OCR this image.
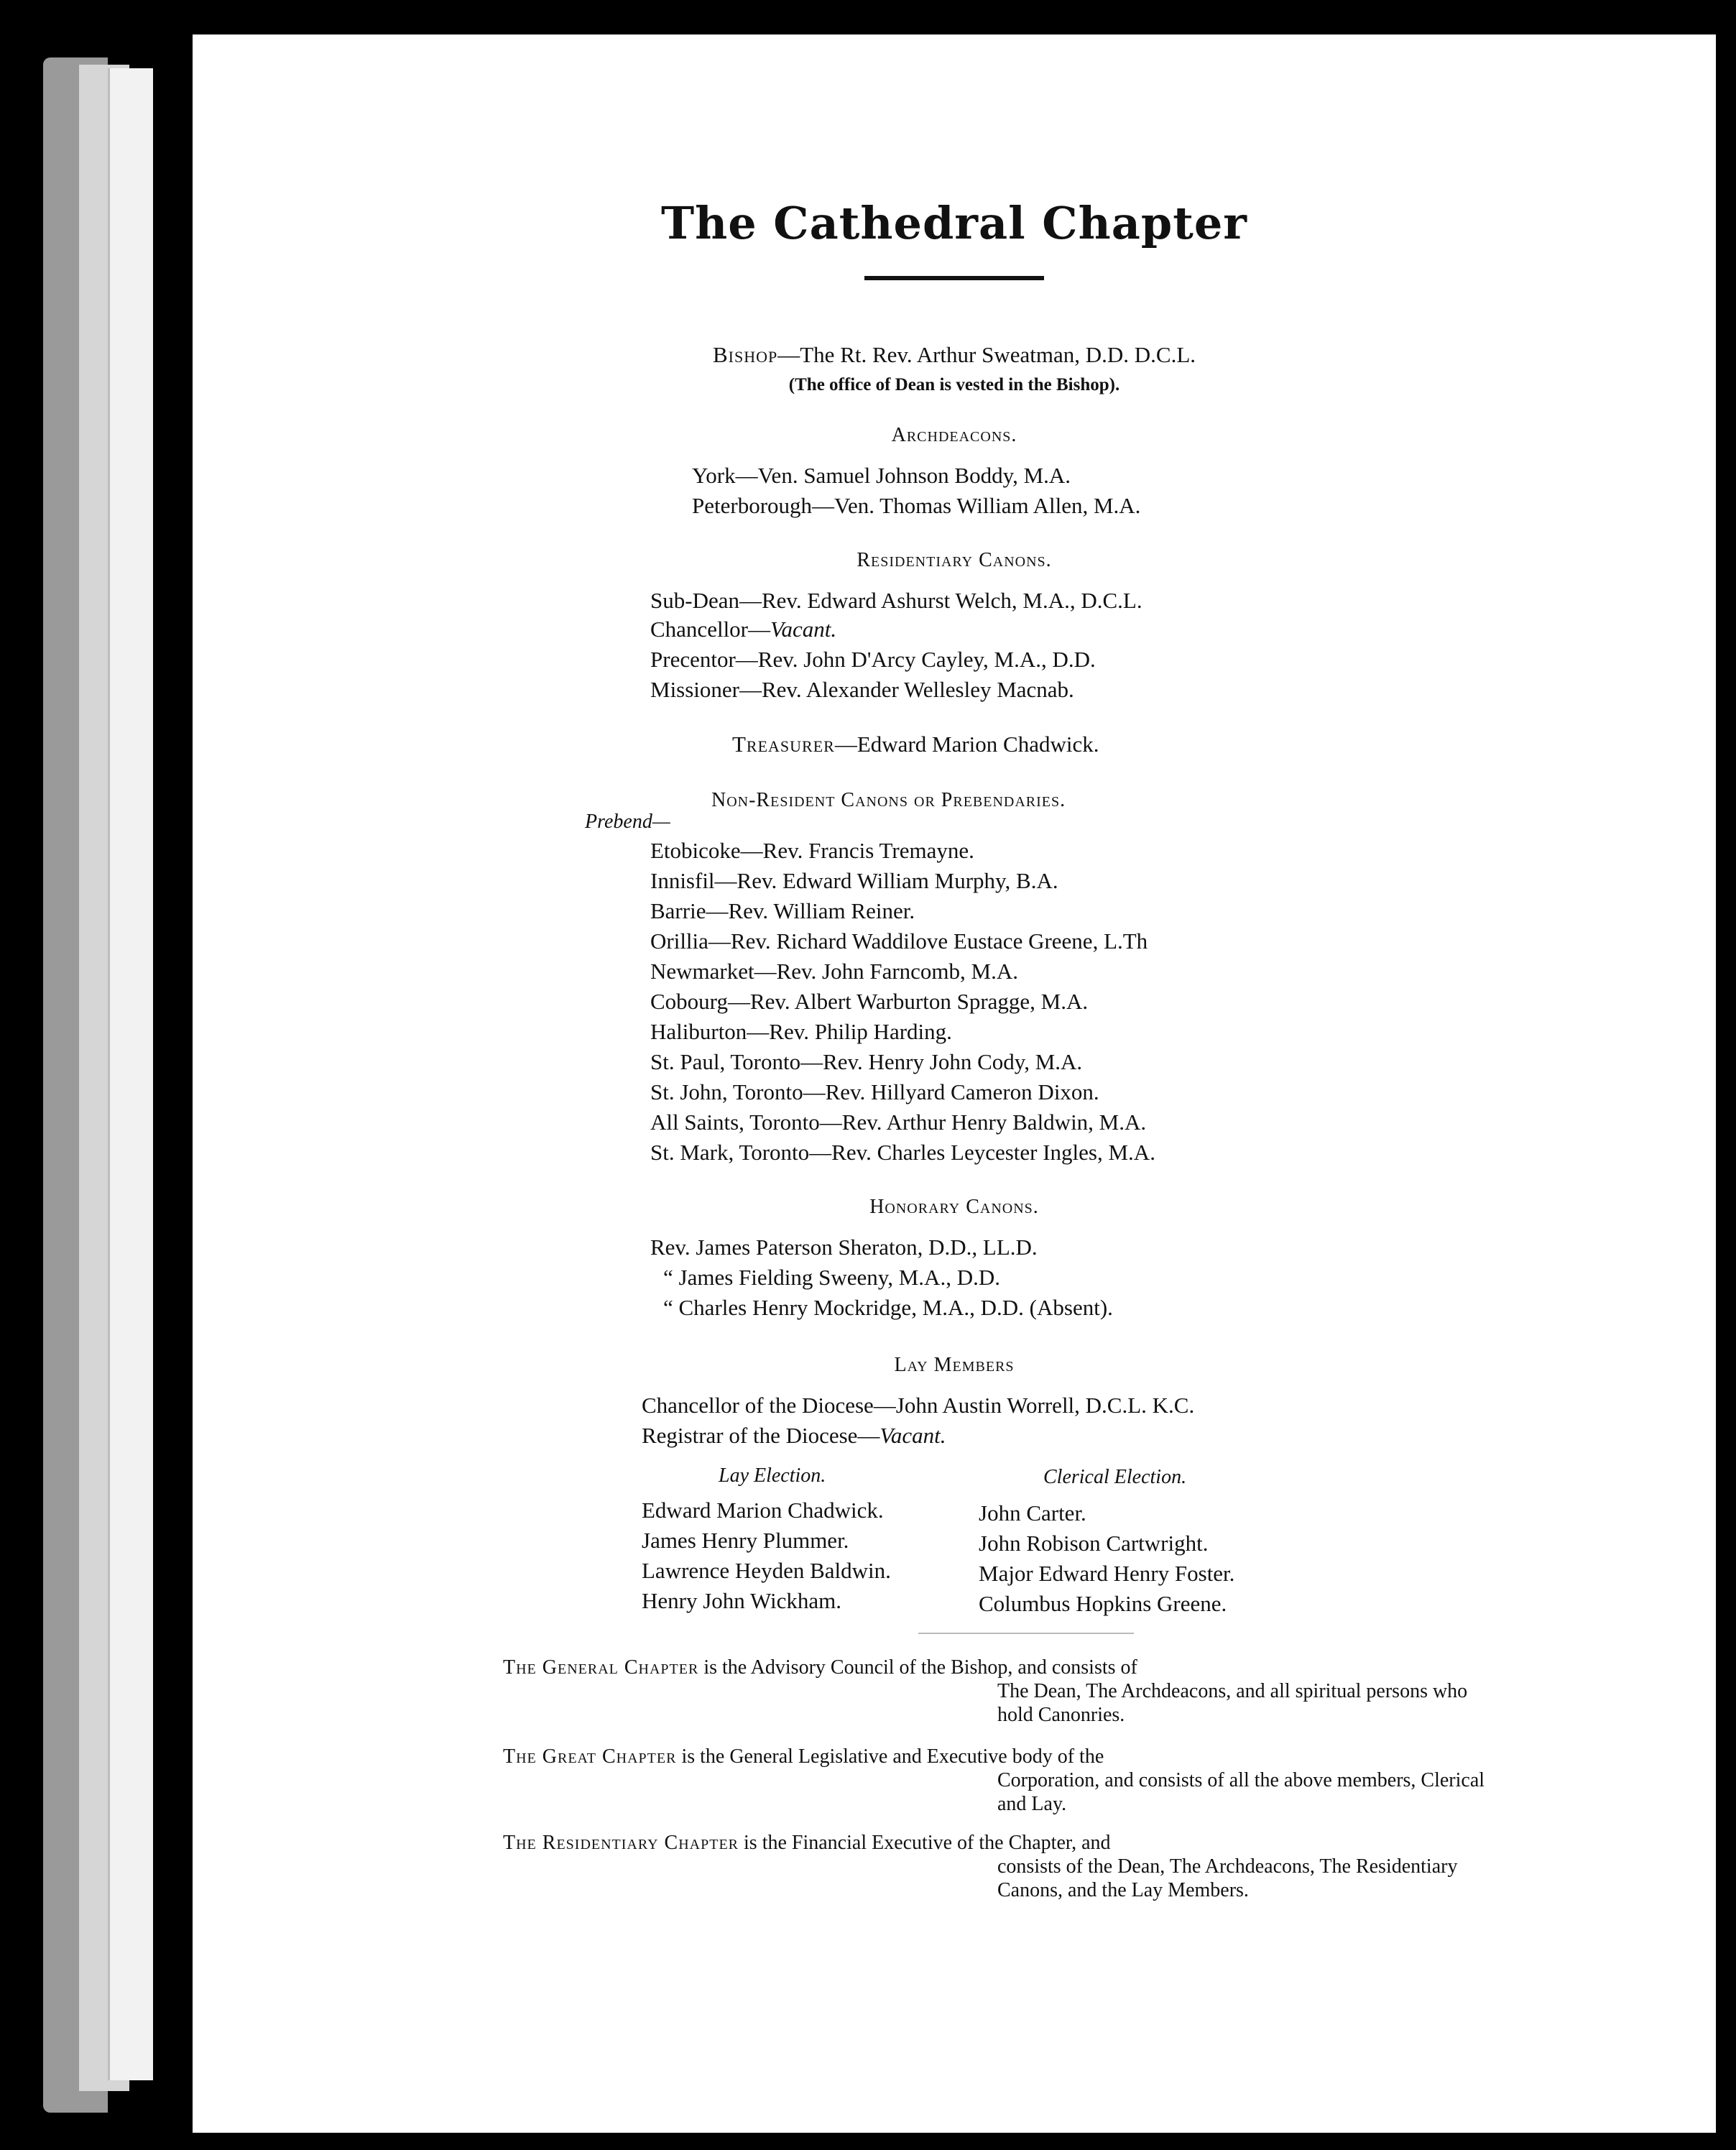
The Cathedral Chapter
Bishop—The Rt. Rev. Arthur Sweatman, D.D. D.C.L.
(The office of Dean is vested in the Bishop).
Archdeacons.
York—Ven. Samuel Johnson Boddy, M.A.
Peterborough—Ven. Thomas William Allen, M.A.
Residentiary Canons.
Sub-Dean—Rev. Edward Ashurst Welch, M.A., D.C.L.
Chancellor—Vacant.
Precentor—Rev. John D'Arcy Cayley, M.A., D.D.
Missioner—Rev. Alexander Wellesley Macnab.
Treasurer—Edward Marion Chadwick.
Non-Resident Canons or Prebendaries.
Prebend—
Etobicoke—Rev. Francis Tremayne.
Innisfil—Rev. Edward William Murphy, B.A.
Barrie—Rev. William Reiner.
Orillia—Rev. Richard Waddilove Eustace Greene, L.Th
Newmarket—Rev. John Farncomb, M.A.
Cobourg—Rev. Albert Warburton Spragge, M.A.
Haliburton—Rev. Philip Harding.
St. Paul, Toronto—Rev. Henry John Cody, M.A.
St. John, Toronto—Rev. Hillyard Cameron Dixon.
All Saints, Toronto—Rev. Arthur Henry Baldwin, M.A.
St. Mark, Toronto—Rev. Charles Leycester Ingles, M.A.
Honorary Canons.
Rev. James Paterson Sheraton, D.D., LL.D.
“ James Fielding Sweeny, M.A., D.D.
“ Charles Henry Mockridge, M.A., D.D. (Absent).
Lay Members
Chancellor of the Diocese—John Austin Worrell, D.C.L. K.C.
Registrar of the Diocese—Vacant.
Lay Election.	Clerical Election.
Edward Marion Chadwick.
James Henry Plummer.
Lawrence Heyden Baldwin.
Henry John Wickham.
John Carter.
John Robison Cartwright.
Major Edward Henry Foster.
Columbus Hopkins Greene.
The General Chapter is the Advisory Council of the Bishop, and consists of
The Dean, The Archdeacons, and all spiritual persons who
hold Canonries.
The Great Chapter is the General Legislative and Executive body of the
Corporation, and consists of all the above members, Clerical
and Lay.
The Residentiary Chapter is the Financial Executive of the Chapter, and
consists of the Dean, The Archdeacons, The Residentiary
Canons, and the Lay Members.
